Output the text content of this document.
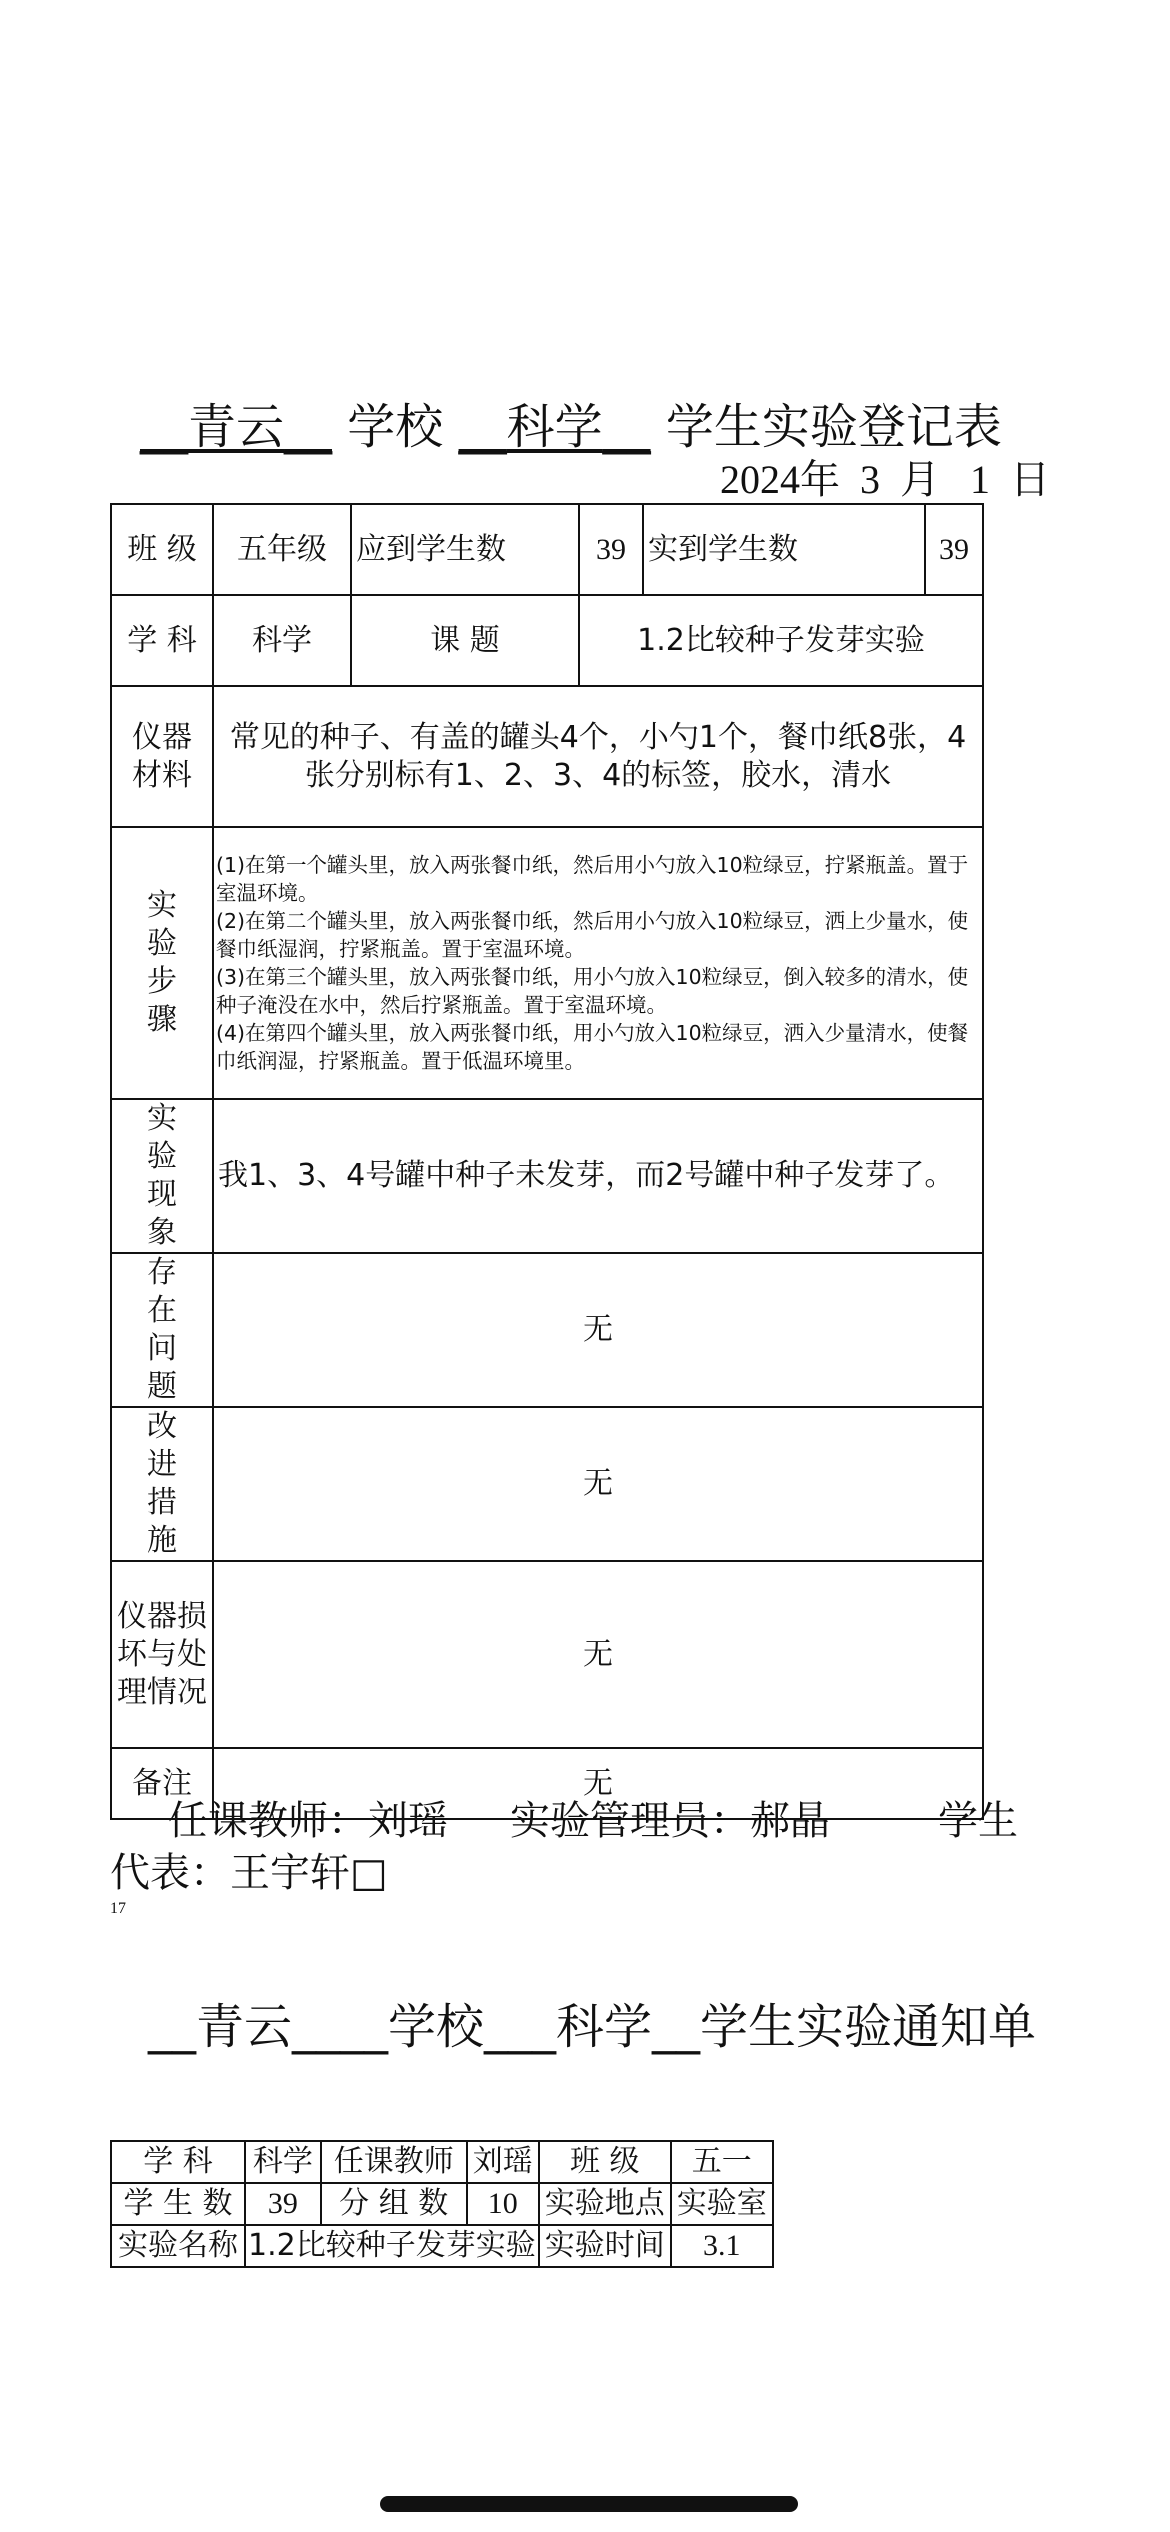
__青云__ 学校 __科学__ 学生实验登记表
2024年 3 月 1 日
班 级	五年级	应到学生数	39	实到学生数	39
学 科	科学	课 题	1.2比较种子发芽实验		
仪器材料	常见的种子、有盖的罐头4个，小勺1个，餐巾纸8张，4张分别标有1、2、3、4的标签，胶水，清水				
实验步骤	(1)在第一个罐头里，放入两张餐巾纸，然后用小勺放入10粒绿豆，拧紧瓶盖。置于室温环境。
(2)在第二个罐头里，放入两张餐巾纸，然后用小勺放入10粒绿豆，洒上少量水，使餐巾纸湿润，拧紧瓶盖。置于室温环境。
(3)在第三个罐头里，放入两张餐巾纸，用小勺放入10粒绿豆，倒入较多的清水，使种子淹没在水中，然后拧紧瓶盖。置于室温环境。
(4)在第四个罐头里，放入两张餐巾纸，用小勺放入10粒绿豆，洒入少量清水，使餐巾纸润湿，拧紧瓶盖。置于低温环境里。				

实验现象	我1、3、4号罐中种子未发芽，而2号罐中种子发芽了。				
存在问题	无				
改进措施	无				
仪器损坏与处理情况	无				
备注	无				
任课教师：刘瑶 实验管理员：郝晶	学生
代表：王宇轩□
17
__青云____学校___科学__学生实验通知单
学 科	科学	任课教师	刘瑶	班 级	五一
学 生 数	39	分 组 数	10	实验地点	实验室
实验名称	1.2比较种子发芽实验			实验时间	3.1
